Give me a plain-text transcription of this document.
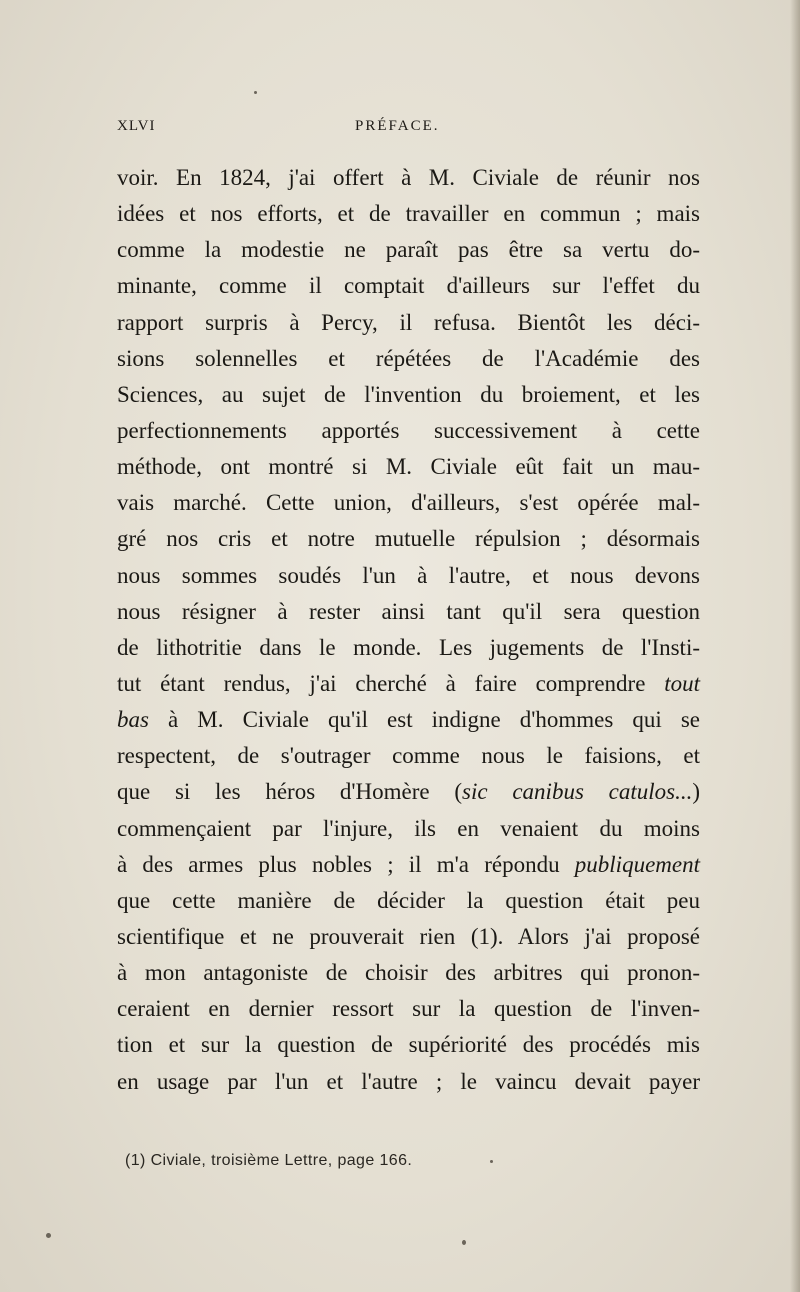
XLVI	PRÉFACE.
voir. En 1824, j'ai offert à M. Civiale de réunir nos
idées et nos efforts, et de travailler en commun ; mais
comme la modestie ne paraît pas être sa vertu do-
minante, comme il comptait d'ailleurs sur l'effet du
rapport surpris à Percy, il refusa. Bientôt les déci-
sions solennelles et répétées de l'Académie des
Sciences, au sujet de l'invention du broiement, et les
perfectionnements apportés successivement à cette
méthode, ont montré si M. Civiale eût fait un mau-
vais marché. Cette union, d'ailleurs, s'est opérée mal-
gré nos cris et notre mutuelle répulsion ; désormais
nous sommes soudés l'un à l'autre, et nous devons
nous résigner à rester ainsi tant qu'il sera question
de lithotritie dans le monde. Les jugements de l'Insti-
tut étant rendus, j'ai cherché à faire comprendre tout
bas à M. Civiale qu'il est indigne d'hommes qui se
respectent, de s'outrager comme nous le faisions, et
que si les héros d'Homère (sic canibus catulos...)
commençaient par l'injure, ils en venaient du moins
à des armes plus nobles ; il m'a répondu publiquement
que cette manière de décider la question était peu
scientifique et ne prouverait rien (1). Alors j'ai proposé
à mon antagoniste de choisir des arbitres qui pronon-
ceraient en dernier ressort sur la question de l'inven-
tion et sur la question de supériorité des procédés mis
en usage par l'un et l'autre ; le vaincu devait payer
(1) Civiale, troisième Lettre, page 166.
